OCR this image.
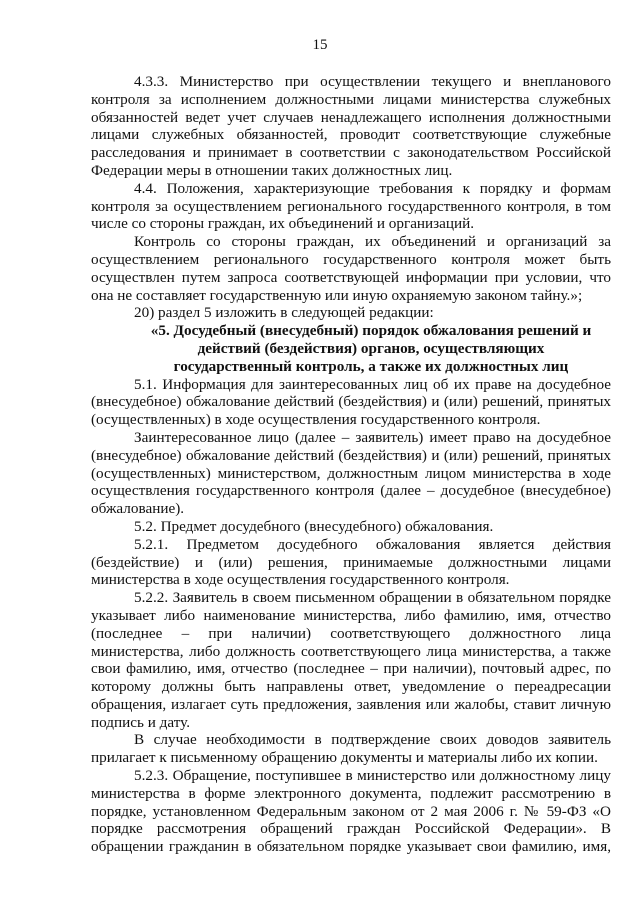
15

4.3.3. Министерство при осуществлении текущего и внепланового контроля за исполнением должностными лицами министерства служебных обязанностей ведет учет случаев ненадлежащего исполнения должностными лицами служебных обязанностей, проводит соответствующие служебные расследования и принимает в соответствии с законодательством Российской Федерации меры в отношении таких должностных лиц.

4.4. Положения, характеризующие требования к порядку и формам контроля за осуществлением регионального государственного контроля, в том числе со стороны граждан, их объединений и организаций.

Контроль со стороны граждан, их объединений и организаций за осуществлением регионального государственного контроля может быть осуществлен путем запроса соответствующей информации при условии, что она не составляет государственную или иную охраняемую законом тайну.»;

20) раздел 5 изложить в следующей редакции:

«5. Досудебный (внесудебный) порядок обжалования решений и действий (бездействия) органов, осуществляющих государственный контроль, а также их должностных лиц

5.1. Информация для заинтересованных лиц об их праве на досудебное (внесудебное) обжалование действий (бездействия) и (или) решений, принятых (осуществленных) в ходе осуществления государственного контроля.

Заинтересованное лицо (далее – заявитель) имеет право на досудебное (внесудебное) обжалование действий (бездействия) и (или) решений, принятых (осуществленных) министерством, должностным лицом министерства в ходе осуществления государственного контроля (далее – досудебное (внесудебное) обжалование).

5.2. Предмет досудебного (внесудебного) обжалования.

5.2.1. Предметом досудебного обжалования является действия (бездействие) и (или) решения, принимаемые должностными лицами министерства в ходе осуществления государственного контроля.

5.2.2. Заявитель в своем письменном обращении в обязательном порядке указывает либо наименование министерства, либо фамилию, имя, отчество (последнее – при наличии) соответствующего должностного лица министерства, либо должность соответствующего лица министерства, а также свои фамилию, имя, отчество (последнее – при наличии), почтовый адрес, по которому должны быть направлены ответ, уведомление о переадресации обращения, излагает суть предложения, заявления или жалобы, ставит личную подпись и дату.

В случае необходимости в подтверждение своих доводов заявитель прилагает к письменному обращению документы и материалы либо их копии.

5.2.3. Обращение, поступившее в министерство или должностному лицу министерства в форме электронного документа, подлежит рассмотрению в порядке, установленном Федеральным законом от 2 мая 2006 г. № 59-ФЗ «О порядке рассмотрения обращений граждан Российской Федерации». В обращении гражданин в обязательном порядке указывает свои фамилию, имя,
